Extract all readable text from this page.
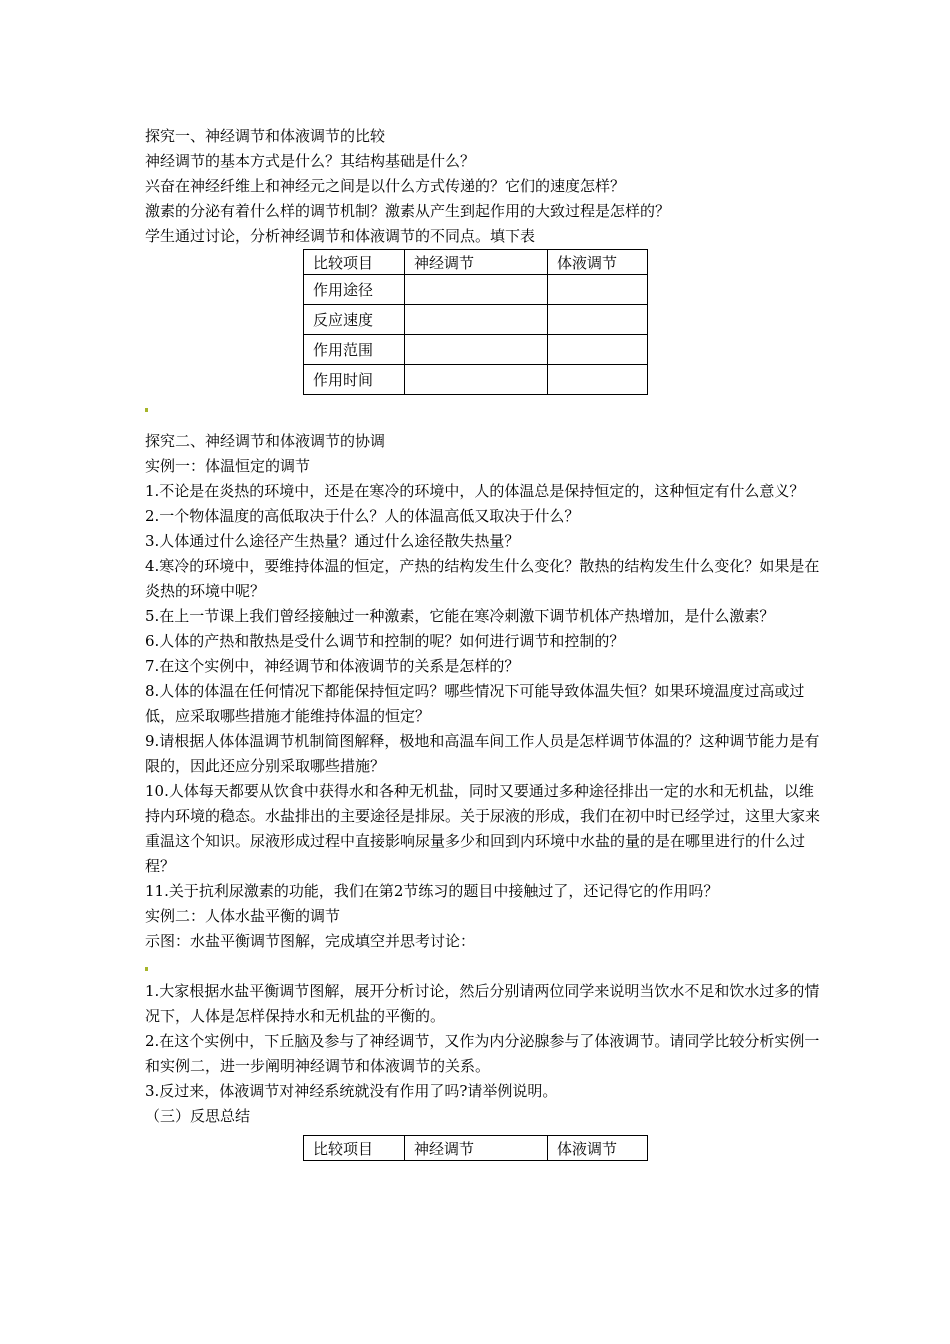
探究一、神经调节和体液调节的比较
神经调节的基本方式是什么？其结构基础是什么？
兴奋在神经纤维上和神经元之间是以什么方式传递的？它们的速度怎样？
激素的分泌有着什么样的调节机制？激素从产生到起作用的大致过程是怎样的？
学生通过讨论，分析神经调节和体液调节的不同点。填下表
比较项目	神经调节	体液调节
作用途径		
反应速度		
作用范围		
作用时间		
探究二、神经调节和体液调节的协调
实例一：体温恒定的调节
1.不论是在炎热的环境中，还是在寒冷的环境中，人的体温总是保持恒定的，这种恒定有什么意义？
2.一个物体温度的高低取决于什么？人的体温高低又取决于什么？
3.人体通过什么途径产生热量？通过什么途径散失热量？
4.寒冷的环境中，要维持体温的恒定，产热的结构发生什么变化？散热的结构发生什么变化？如果是在炎热的环境中呢？
5.在上一节课上我们曾经接触过一种激素，它能在寒冷刺激下调节机体产热增加，是什么激素？
6.人体的产热和散热是受什么调节和控制的呢？如何进行调节和控制的？
7.在这个实例中，神经调节和体液调节的关系是怎样的？
8.人体的体温在任何情况下都能保持恒定吗？哪些情况下可能导致体温失恒？如果环境温度过高或过低，应采取哪些措施才能维持体温的恒定？
9.请根据人体体温调节机制简图解释，极地和高温车间工作人员是怎样调节体温的？这种调节能力是有限的，因此还应分别采取哪些措施？
10.人体每天都要从饮食中获得水和各种无机盐，同时又要通过多种途径排出一定的水和无机盐，以维持内环境的稳态。水盐排出的主要途径是排尿。关于尿液的形成，我们在初中时已经学过，这里大家来重温这个知识。尿液形成过程中直接影响尿量多少和回到内环境中水盐的量的是在哪里进行的什么过程？
11.关于抗利尿激素的功能，我们在第2节练习的题目中接触过了，还记得它的作用吗？
实例二：人体水盐平衡的调节
示图：水盐平衡调节图解，完成填空并思考讨论：
1.大家根据水盐平衡调节图解，展开分析讨论，然后分别请两位同学来说明当饮水不足和饮水过多的情况下，人体是怎样保持水和无机盐的平衡的。
2.在这个实例中，下丘脑及参与了神经调节，又作为内分泌腺参与了体液调节。请同学比较分析实例一和实例二，进一步阐明神经调节和体液调节的关系。
3.反过来，体液调节对神经系统就没有作用了吗?请举例说明。
（三）反思总结
比较项目	神经调节	体液调节
